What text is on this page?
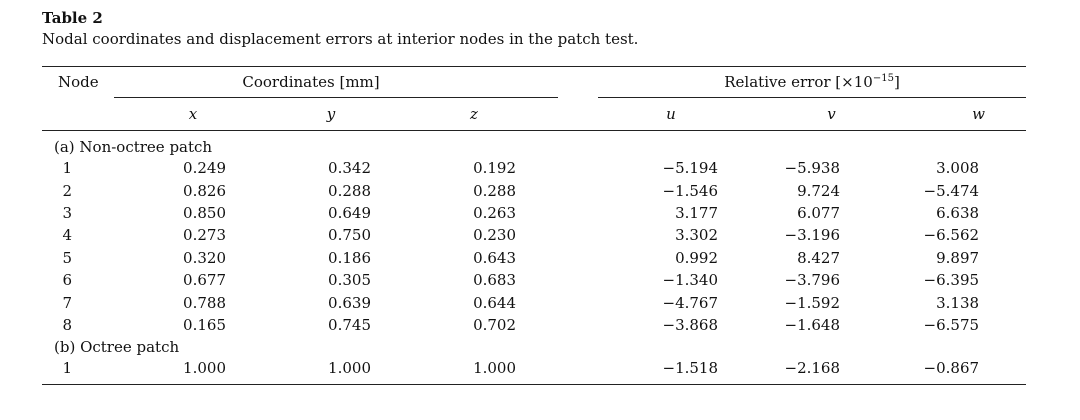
Table 2
Nodal coordinates and displacement errors at interior nodes in the patch test.
Node	Coordinates [mm]				Relative error $[\times 10^{-15}]$		
	x	y	z		u	v	w
(a) Non-octree patch							
1	0.249	0.342	0.192		−5.194	−5.938	3.008
2	0.826	0.288	0.288		−1.546	9.724	−5.474
3	0.850	0.649	0.263		3.177	6.077	6.638
4	0.273	0.750	0.230		3.302	−3.196	−6.562
5	0.320	0.186	0.643		0.992	8.427	9.897
6	0.677	0.305	0.683		−1.340	−3.796	−6.395
7	0.788	0.639	0.644		−4.767	−1.592	3.138
8	0.165	0.745	0.702		−3.868	−1.648	−6.575
(b) Octree patch							
1	1.000	1.000	1.000		−1.518	−2.168	−0.867
